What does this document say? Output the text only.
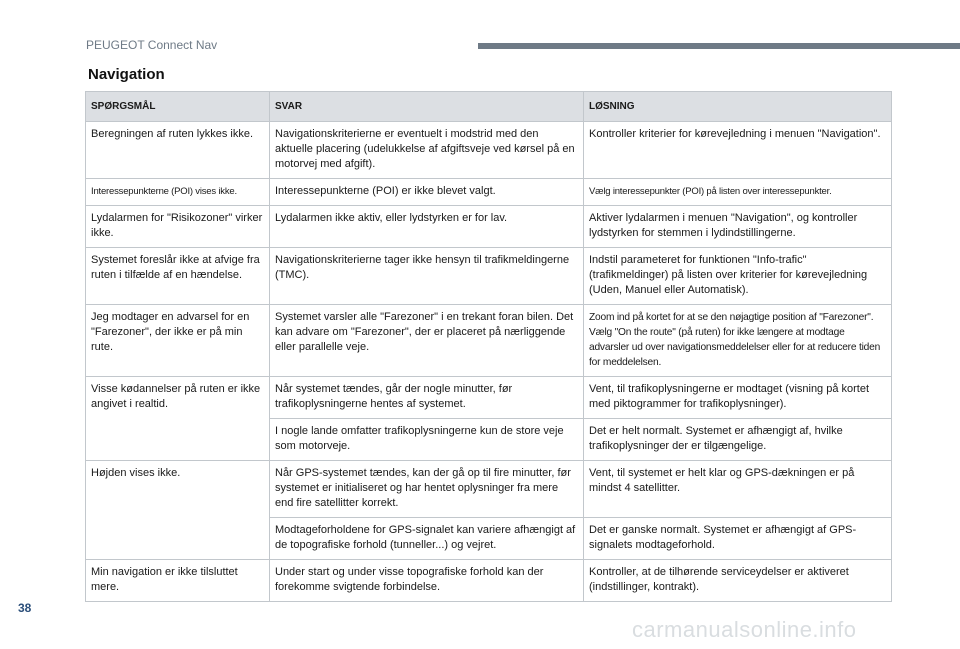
PEUGEOT Connect Nav
Navigation
SPØRGSMÅL	SVAR	LØSNING
Beregningen af ruten lykkes ikke.	Navigationskriterierne er eventuelt i modstrid med den aktuelle placering (udelukkelse af afgiftsveje ved kørsel på en motorvej med afgift).	Kontroller kriterier for kørevejledning i menuen "Navigation".
Interessepunkterne (POI) vises ikke.	Interessepunkterne (POI) er ikke blevet valgt.	Vælg interessepunkter (POI) på listen over interessepunkter.
Lydalarmen for "Risikozoner" virker ikke.	Lydalarmen ikke aktiv, eller lydstyrken er for lav.	Aktiver lydalarmen i menuen "Navigation", og kontroller lydstyrken for stemmen i lydindstillingerne.
Systemet foreslår ikke at afvige fra ruten i tilfælde af en hændelse.	Navigationskriterierne tager ikke hensyn til trafikmeldingerne (TMC).	Indstil parameteret for funktionen "Info-trafic" (trafikmeldinger) på listen over kriterier for kørevejledning (Uden, Manuel eller Automatisk).
Jeg modtager en advarsel for en "Farezoner", der ikke er på min rute.	Systemet varsler alle "Farezoner" i en trekant foran bilen. Det kan advare om "Farezoner", der er placeret på nærliggende eller parallelle veje.	Zoom ind på kortet for at se den nøjagtige position af "Farezoner". Vælg "On the route" (på ruten) for ikke længere at modtage advarsler ud over navigationsmeddelelser eller for at reducere tiden for meddelelsen.
Visse kødannelser på ruten er ikke angivet i realtid.	Når systemet tændes, går der nogle minutter, før trafikoplysningerne hentes af systemet.	Vent, til trafikoplysningerne er modtaget (visning på kortet med piktogrammer for trafikoplysninger).
	I nogle lande omfatter trafikoplysningerne kun de store veje som motorveje.	Det er helt normalt. Systemet er afhængigt af, hvilke trafikoplysninger der er tilgængelige.
Højden vises ikke.	Når GPS-systemet tændes, kan der gå op til fire minutter, før systemet er initialiseret og har hentet oplysninger fra mere end fire satellitter korrekt.	Vent, til systemet er helt klar og GPS-dækningen er på mindst 4 satellitter.
	Modtageforholdene for GPS-signalet kan variere afhængigt af de topografiske forhold (tunneller...) og vejret.	Det er ganske normalt. Systemet er afhængigt af GPS-signalets modtageforhold.
Min navigation er ikke tilsluttet mere.	Under start og under visse topografiske forhold kan der forekomme svigtende forbindelse.	Kontroller, at de tilhørende serviceydelser er aktiveret (indstillinger, kontrakt).
38
carmanualsonline.info
